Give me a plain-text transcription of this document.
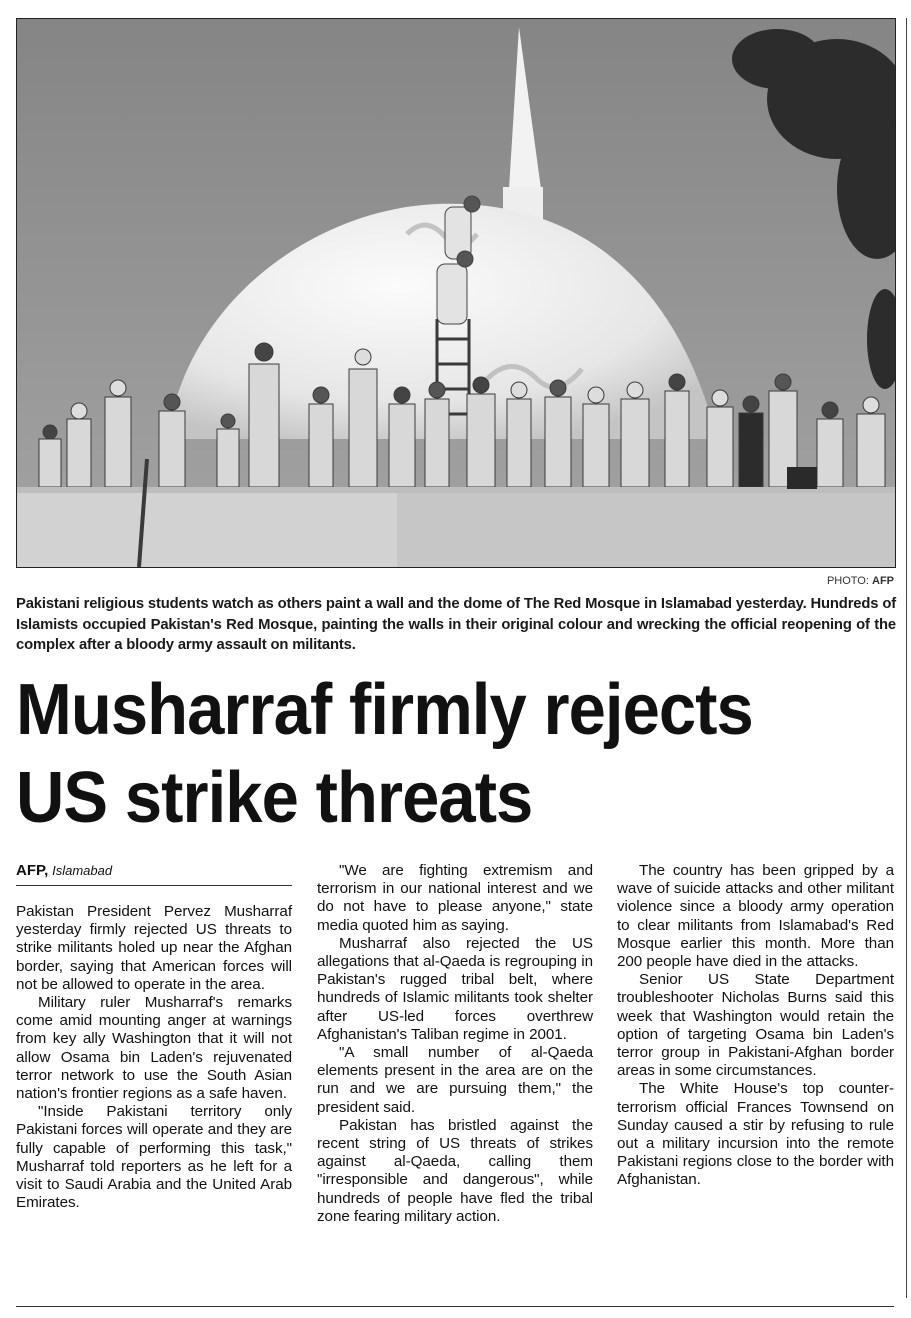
PHOTO: AFP
Pakistani religious students watch as others paint a wall and the dome of The Red Mosque in Islamabad yesterday. Hundreds of Islamists occupied Pakistan's Red Mosque, painting the walls in their original colour and wrecking the official reopening of the complex after a bloody army assault on militants.
Musharraf firmly rejects
US strike threats
AFP, Islamabad

Pakistan President Pervez Musharraf yesterday firmly rejected US threats to strike militants holed up near the Afghan border, saying that American forces will not be allowed to operate in the area.

Military ruler Musharraf's remarks come amid mounting anger at warnings from key ally Washington that it will not allow Osama bin Laden's rejuvenated terror network to use the South Asian nation's frontier regions as a safe haven.

"Inside Pakistani territory only Pakistani forces will operate and they are fully capable of performing this task," Musharraf told reporters as he left for a visit to Saudi Arabia and the United Arab Emirates.

"We are fighting extremism and terrorism in our national interest and we do not have to please anyone," state media quoted him as saying.

Musharraf also rejected the US allegations that al-Qaeda is regrouping in Pakistan's rugged tribal belt, where hundreds of Islamic militants took shelter after US-led forces overthrew Afghanistan's Taliban regime in 2001.

"A small number of al-Qaeda elements present in the area are on the run and we are pursuing them," the president said.

Pakistan has bristled against the recent string of US threats of strikes against al-Qaeda, calling them "irresponsible and dangerous", while hundreds of people have fled the tribal zone fearing military action.

The country has been gripped by a wave of suicide attacks and other militant violence since a bloody army operation to clear militants from Islamabad's Red Mosque earlier this month. More than 200 people have died in the attacks.

Senior US State Department troubleshooter Nicholas Burns said this week that Washington would retain the option of targeting Osama bin Laden's terror group in Pakistani-Afghan border areas in some circumstances.

The White House's top counter-terrorism official Frances Townsend on Sunday caused a stir by refusing to rule out a military incursion into the remote Pakistani regions close to the border with Afghanistan.
